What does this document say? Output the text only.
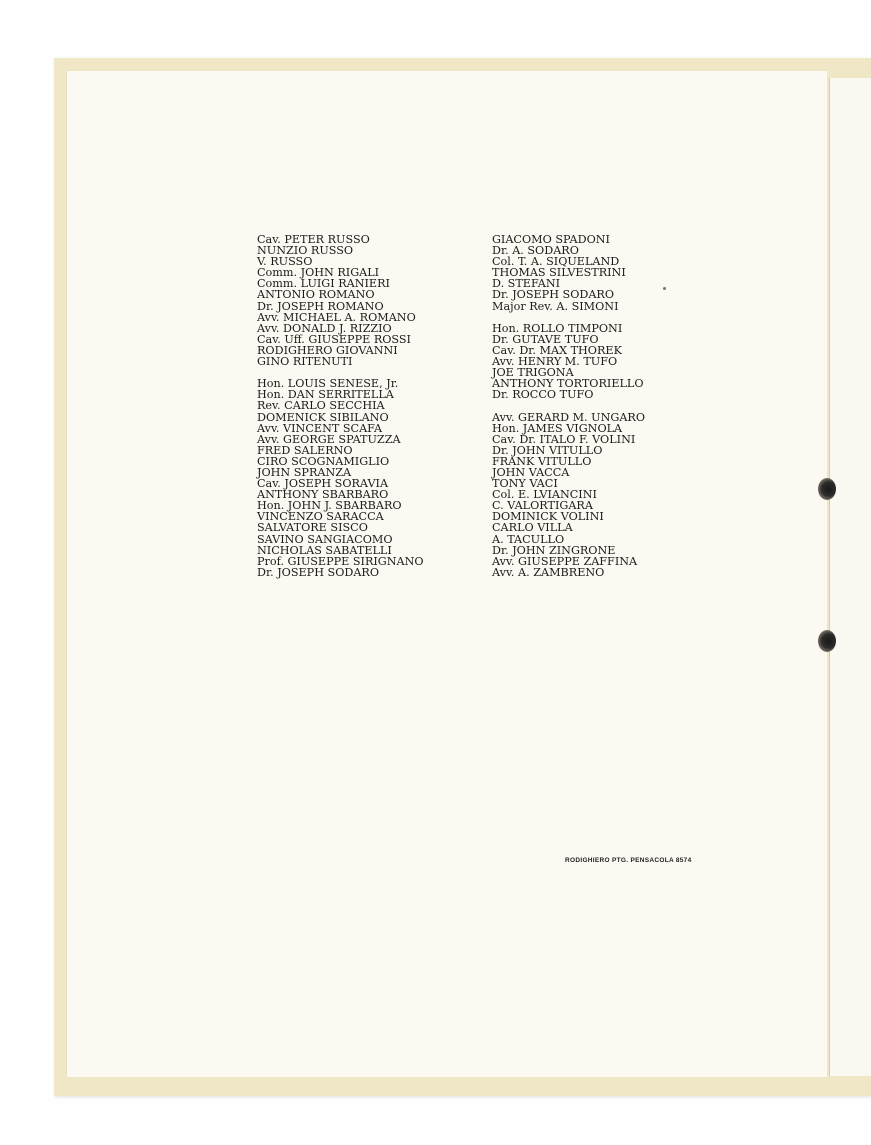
Cav. PETER RUSSO
NUNZIO RUSSO
V. RUSSO
Comm. JOHN RIGALI
Comm. LUIGI RANIERI
ANTONIO ROMANO
Dr. JOSEPH ROMANO
Avv. MICHAEL A. ROMANO
Avv. DONALD J. RIZZIO
Cav. Uff. GIUSEPPE ROSSI
RODIGHERO GIOVANNI
GINO RITENUTI
Hon. LOUIS SENESE, Jr.
Hon. DAN SERRITELLA
Rev. CARLO SECCHIA
DOMENICK SIBILANO
Avv. VINCENT SCAFA
Avv. GEORGE SPATUZZA
FRED SALERNO
CIRO SCOGNAMIGLIO
JOHN SPRANZA
Cav. JOSEPH SORAVIA
ANTHONY SBARBARO
Hon. JOHN J. SBARBARO
VINCENZO SARACCA
SALVATORE SISCO
SAVINO SANGIACOMO
NICHOLAS SABATELLI
Prof. GIUSEPPE SIRIGNANO
Dr. JOSEPH SODARO
GIACOMO SPADONI
Dr. A. SODARO
Col. T. A. SIQUELAND
THOMAS SILVESTRINI
D. STEFANI
Dr. JOSEPH SODARO
Major Rev. A. SIMONI
Hon. ROLLO TIMPONI
Dr. GUTAVE TUFO
Cav. Dr. MAX THOREK
Avv. HENRY M. TUFO
JOE TRIGONA
ANTHONY TORTORIELLO
Dr. ROCCO TUFO
Avv. GERARD M. UNGARO
Hon. JAMES VIGNOLA
Cav. Dr. ITALO F. VOLINI
Dr. JOHN VITULLO
FRANK VITULLO
JOHN VACCA
TONY VACI
Col. E. LVIANCINI
C. VALORTIGARA
DOMINICK VOLINI
CARLO VILLA
A. TACULLO
Dr. JOHN ZINGRONE
Avv. GIUSEPPE ZAFFINA
Avv. A. ZAMBRENO

RODIGHIERO PTG. PENSACOLA 8574
